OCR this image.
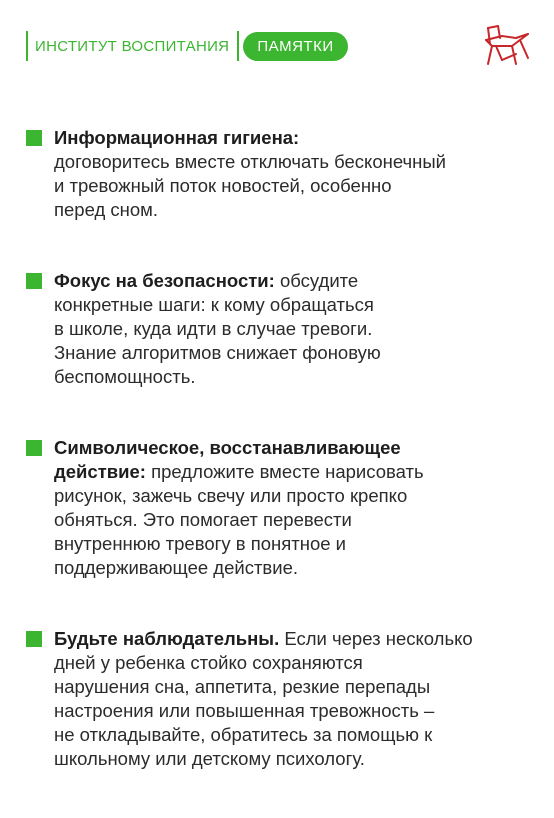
ИНСТИТУТ ВОСПИТАНИЯ	ПАМЯТКИ
Информационная гигиена:
договоритесь вместе отключать бесконечный
и тревожный поток новостей, особенно
перед сном.
Фокус на безопасности: обсудите
конкретные шаги: к кому обращаться
в школе, куда идти в случае тревоги.
Знание алгоритмов снижает фоновую
беспомощность.
Символическое, восстанавливающее
действие: предложите вместе нарисовать
рисунок, зажечь свечу или просто крепко
обняться. Это помогает перевести
внутреннюю тревогу в понятное и
поддерживающее действие.
Будьте наблюдательны. Если через несколько
дней у ребенка стойко сохраняются
нарушения сна, аппетита, резкие перепады
настроения или повышенная тревожность –
не откладывайте, обратитесь за помощью к
школьному или детскому психологу.
